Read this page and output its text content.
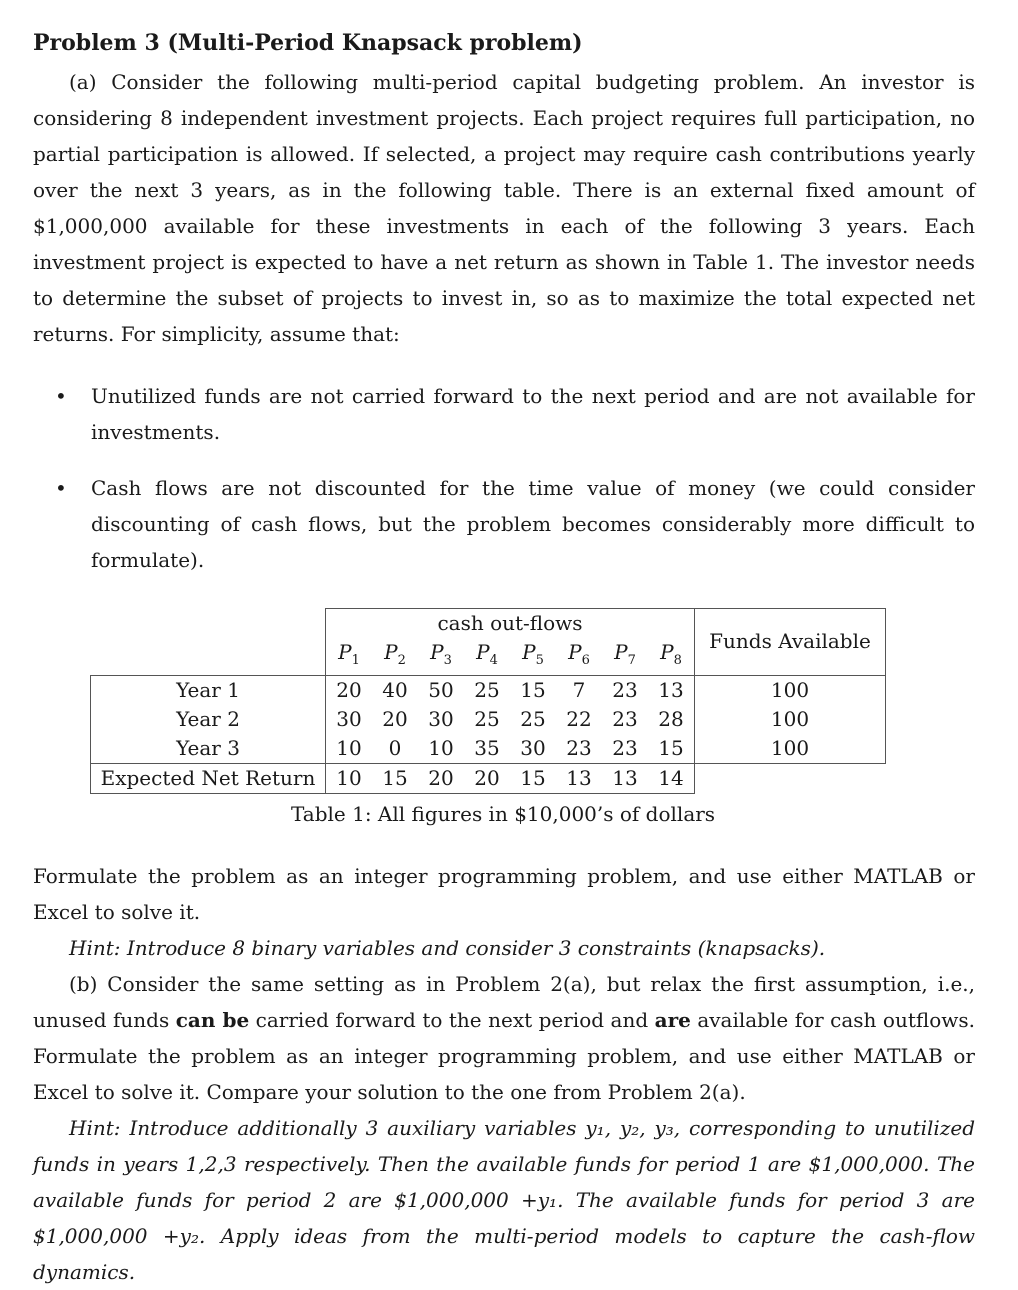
Problem 3 (Multi-Period Knapsack problem)

(a) Consider the following multi-period capital budgeting problem. An investor is considering 8 independent investment projects. Each project requires full participation, no partial participation is allowed. If selected, a project may require cash contributions yearly over the next 3 years, as in the following table. There is an external fixed amount of $1,000,000 available for these investments in each of the following 3 years. Each investment project is expected to have a net return as shown in Table 1. The investor needs to determine the subset of projects to invest in, so as to maximize the total expected net returns. For simplicity, assume that:

• Unutilized funds are not carried forward to the next period and are not available for investments.
• Cash flows are not discounted for the time value of money (we could consider discounting of cash flows, but the problem becomes considerably more difficult to formulate).
	cash out-flows								Funds Available
	$P_1$	$P_2$	$P_3$	$P_4$	$P_5$	$P_6$	$P_7$	$P_8$
Year 1	20	40	50	25	15	7	23	13	100
Year 2	30	20	30	25	25	22	23	28	100
Year 3	10	0	10	35	30	23	23	15	100
Expected Net Return	10	15	20	20	15	13	13	14	
Table 1: All figures in $10,000’s of dollars

Formulate the problem as an integer programming problem, and use either MATLAB or Excel to solve it.

Hint: Introduce 8 binary variables and consider 3 constraints (knapsacks).

(b) Consider the same setting as in Problem 2(a), but relax the first assumption, i.e., unused funds can be carried forward to the next period and are available for cash outflows. Formulate the problem as an integer programming problem, and use either MATLAB or Excel to solve it. Compare your solution to the one from Problem 2(a).

Hint: Introduce additionally 3 auxiliary variables y₁, y₂, y₃, corresponding to unutilized funds in years 1,2,3 respectively. Then the available funds for period 1 are $1,000,000. The available funds for period 2 are $1,000,000 +y₁. The available funds for period 3 are $1,000,000 +y₂. Apply ideas from the multi-period models to capture the cash-flow dynamics.
